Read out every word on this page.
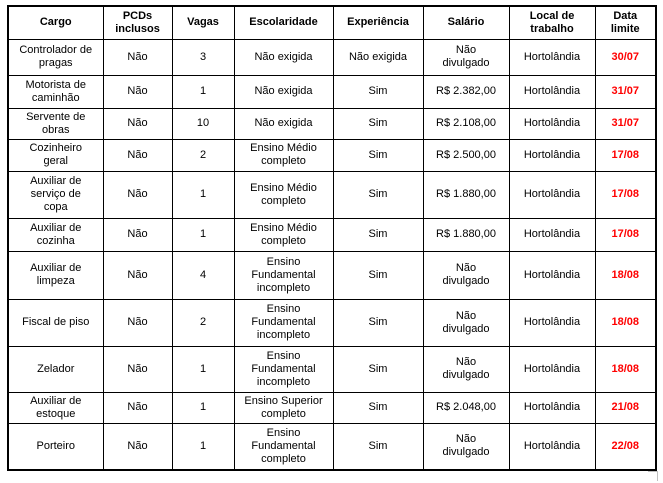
Cargo	PCDs inclusos	Vagas	Escolaridade	Experiência	Salário	Local de trabalho	Data limite
Controlador de pragas	Não	3	Não exigida	Não exigida	Não divulgado	Hortolândia	30/07
Motorista de caminhão	Não	1	Não exigida	Sim	R$ 2.382,00	Hortolândia	31/07
Servente de obras	Não	10	Não exigida	Sim	R$ 2.108,00	Hortolândia	31/07
Cozinheiro geral	Não	2	Ensino Médio completo	Sim	R$ 2.500,00	Hortolândia	17/08
Auxiliar de serviço de copa	Não	1	Ensino Médio completo	Sim	R$ 1.880,00	Hortolândia	17/08
Auxiliar de cozinha	Não	1	Ensino Médio completo	Sim	R$ 1.880,00	Hortolândia	17/08
Auxiliar de limpeza	Não	4	Ensino Fundamental incompleto	Sim	Não divulgado	Hortolândia	18/08
Fiscal de piso	Não	2	Ensino Fundamental incompleto	Sim	Não divulgado	Hortolândia	18/08
Zelador	Não	1	Ensino Fundamental incompleto	Sim	Não divulgado	Hortolândia	18/08
Auxiliar de estoque	Não	1	Ensino Superior completo	Sim	R$ 2.048,00	Hortolândia	21/08
Porteiro	Não	1	Ensino Fundamental completo	Sim	Não divulgado	Hortolândia	22/08
